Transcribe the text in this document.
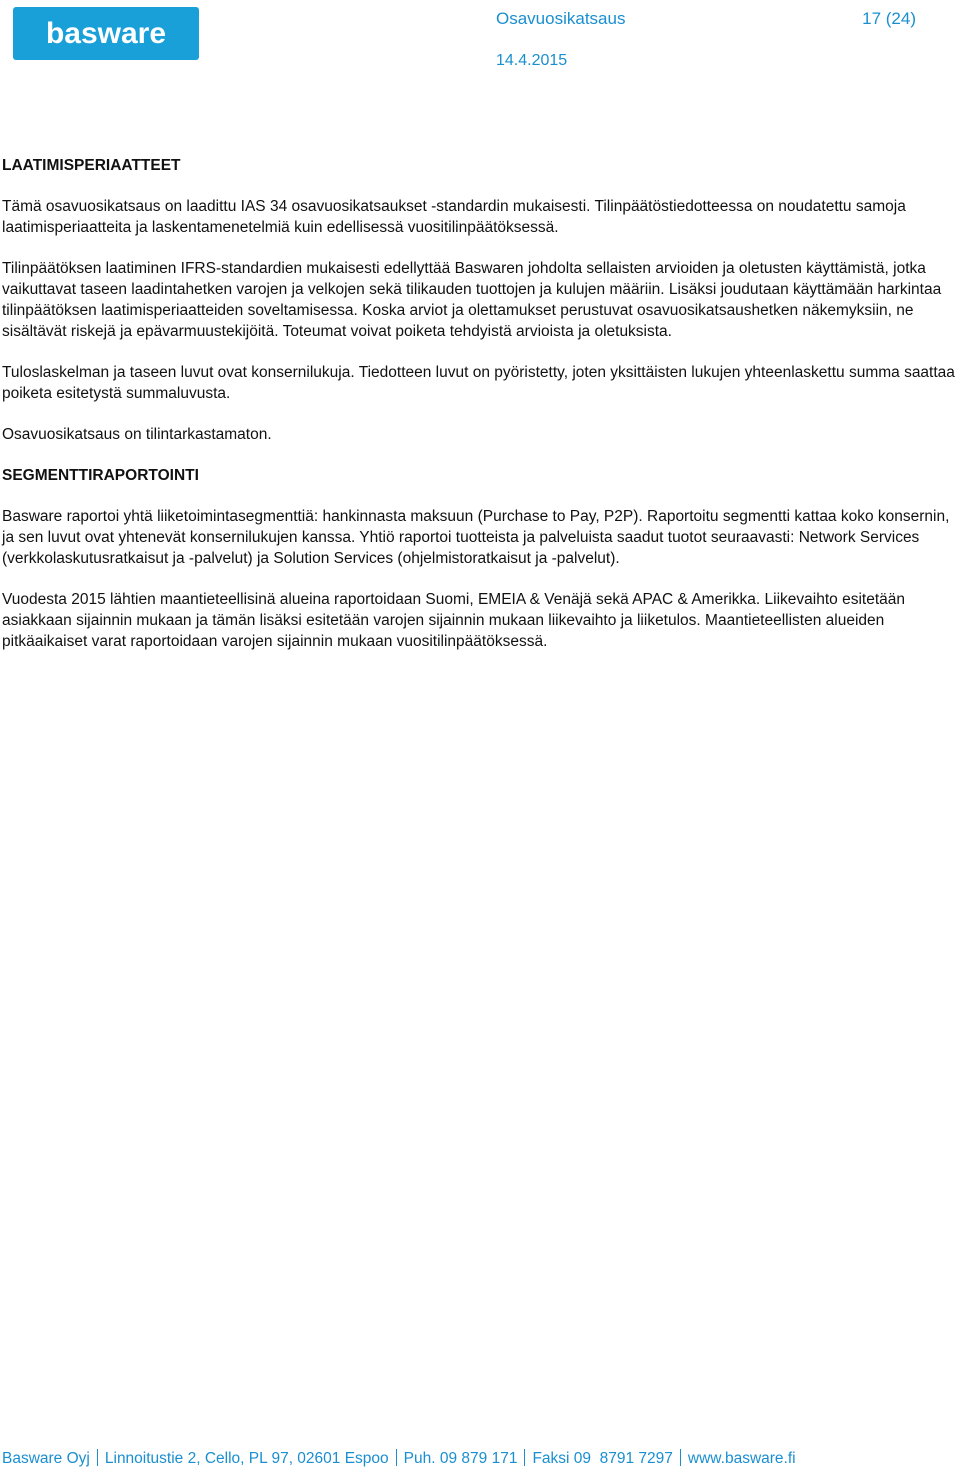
basware	Osavuosikatsaus	17 (24)
14.4.2015
LAATIMISPERIAATTEET

Tämä osavuosikatsaus on laadittu IAS 34 osavuosikatsaukset -standardin mukaisesti. Tilinpäätöstiedotteessa on noudatettu samoja laatimisperiaatteita ja laskentamenetelmiä kuin edellisessä vuositilinpäätöksessä.

Tilinpäätöksen laatiminen IFRS-standardien mukaisesti edellyttää Baswaren johdolta sellaisten arvioiden ja oletusten käyttämistä, jotka vaikuttavat taseen laadintahetken varojen ja velkojen sekä tilikauden tuottojen ja kulujen määriin. Lisäksi joudutaan käyttämään harkintaa tilinpäätöksen laatimisperiaatteiden soveltamisessa. Koska arviot ja olettamukset perustuvat osavuosikatsaushetken näkemyksiin, ne sisältävät riskejä ja epävarmuustekijöitä. Toteumat voivat poiketa tehdyistä arvioista ja oletuksista.

Tuloslaskelman ja taseen luvut ovat konsernilukuja. Tiedotteen luvut on pyöristetty, joten yksittäisten lukujen yhteenlaskettu summa saattaa poiketa esitetystä summaluvusta.

Osavuosikatsaus on tilintarkastamaton.

SEGMENTTIRAPORTOINTI

Basware raportoi yhtä liiketoimintasegmenttiä: hankinnasta maksuun (Purchase to Pay, P2P). Raportoitu segmentti kattaa koko konsernin, ja sen luvut ovat yhtenevät konsernilukujen kanssa. Yhtiö raportoi tuotteista ja palveluista saadut tuotot seuraavasti: Network Services (verkkolaskutusratkaisut ja -palvelut) ja Solution Services (ohjelmistoratkaisut ja -palvelut).

Vuodesta 2015 lähtien maantieteellisinä alueina raportoidaan Suomi, EMEIA & Venäjä sekä APAC & Amerikka. Liikevaihto esitetään asiakkaan sijainnin mukaan ja tämän lisäksi esitetään varojen sijainnin mukaan liikevaihto ja liiketulos. Maantieteellisten alueiden pitkäaikaiset varat raportoidaan varojen sijainnin mukaan vuositilinpäätöksessä.

Basware Oyj Linnoitustie 2, Cello, PL 97, 02601 Espoo Puh. 09 879 171 Faksi 09  8791 7297 www.basware.fi
